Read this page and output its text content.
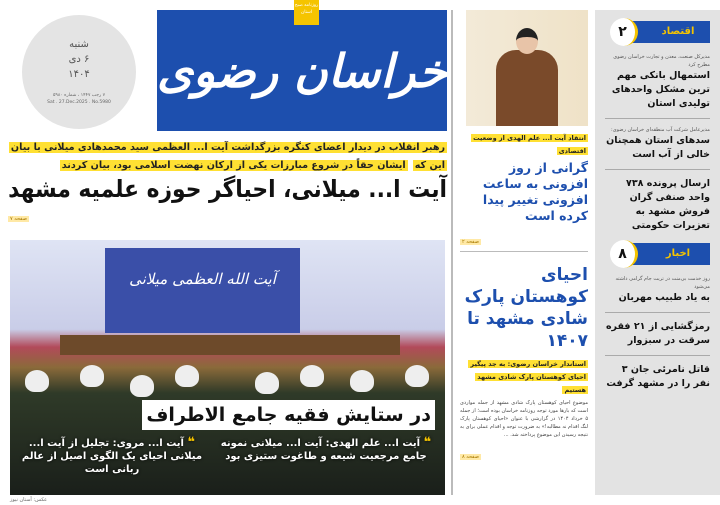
شنبه
۶ دی
۱۴۰۴
۷ رجب ۱۴۴۷ ، شماره ۵۹۸۰
Sat . 27.Dec.2025 . No.5980
خراسان رضوی
روزنامه صبح استان
رهبر انقلاب در دیدار اعضای کنگره بزرگداشت آیت ا... العظمی سید محمدهادی میلانی با بیان این که ایشان حقاً در شروع مبارزات یکی از ارکان نهضت اسلامی بود، بیان کردند
آیت ا... میلانی، احیاگر حوزه علمیه مشهد
صفحه ۷
آیت الله العظمی میلانی
در ستایش فقیه جامع الاطراف
❝ آیت ا... علم الهدی: آیت ا... میلانی نمونه جامع مرجعیت شیعه و طاغوت ستیزی بود
❝ آیت ا... مروی: تجلیل از آیت ا... میلانی احیای یک الگوی اصیل از عالم ربانی است
عکس: آستان نیوز
انتقاد آیت ا... علم الهدی از وضعیت اقتصادی
گرانی از روز افزونی به ساعت افزونی تغییر پیدا کرده است
صفحه ۲
احیای کوهستان پارک شادی مشهد تا ۱۴۰۷
استاندار خراسان رضوی: به جد پیگیر احیای کوهستان پارک شادی مشهد هستیم
موضوع احیای کوهستان پارک شادی مشهد از جمله مواردی است که بارها مورد توجه روزنامه خراسان بوده است؛ از جمله ۵ خرداد ۱۴۰۴ در گزارشی با عنوان «احیای کوهستان پارک لنگ اقدام نه مطالبه!» به ضرورت توجه و اقدام عملی برای به نتیجه رسیدن این موضوع پرداخته شد. ...
صفحه ۸
اقتصاد
۲
مدیرکل صنعت، معدن و تجارت خراسان رضوی مطرح کرد
استمهال بانکی مهم ترین مشکل واحدهای تولیدی استان
مدیرعامل شرکت آب منطقه‌ای خراسان رضوی:
سدهای استان همچنان خالی از آب است
ارسال پرونده ۷۳۸ واحد صنفی گران فروش مشهد به تعزیرات حکومتی
اخبار
۸
روز خدمت بی‌منت در تربت جام گرامی داشته می‌شود
به یاد طبیب مهربان
رمزگشایی از ۲۱ فقره سرقت در سبزوار
قاتل نامرئی جان ۳ نفر را در مشهد گرفت
